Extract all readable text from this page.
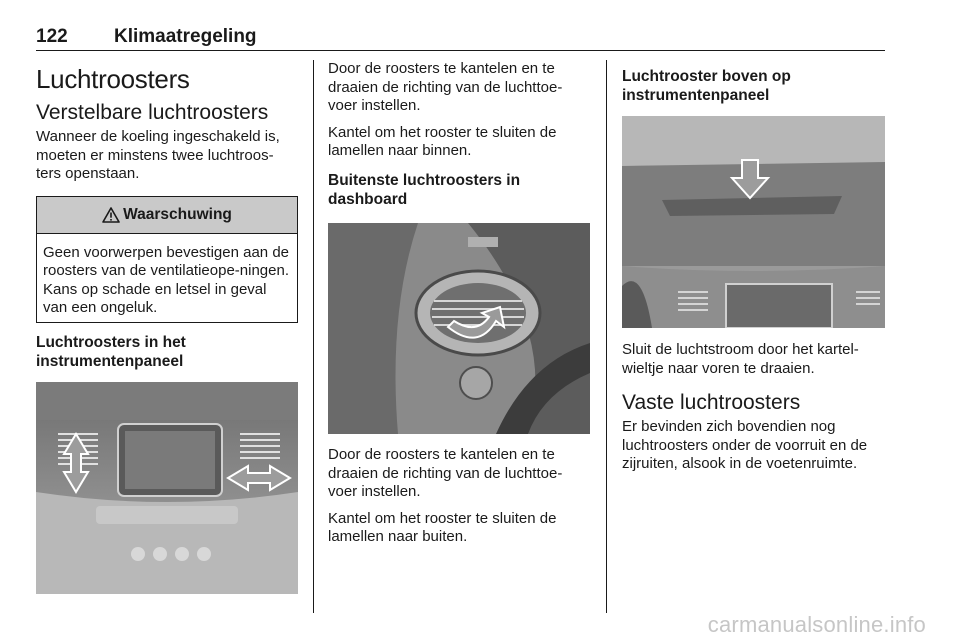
122 Klimaatregeling
Luchtroosters
Verstelbare luchtroosters

Wanneer de koeling ingeschakeld is, moeten er minstens twee luchtroos-ters openstaan.

Waarschuwing
Geen voorwerpen bevestigen aan de roosters van de ventilatieope-ningen. Kans op schade en letsel in geval van een ongeluk.
Luchtroosters in het instrumentenpaneel

Door de roosters te kantelen en te draaien de richting van de luchttoe-voer instellen.

Kantel om het rooster te sluiten de lamellen naar binnen.

Buitenste luchtroosters in dashboard

Door de roosters te kantelen en te draaien de richting van de luchttoe-voer instellen.

Kantel om het rooster te sluiten de lamellen naar buiten.

Luchtrooster boven op instrumentenpaneel

Sluit de luchtstroom door het kartel-wieltje naar voren te draaien.

Vaste luchtroosters

Er bevinden zich bovendien nog luchtroosters onder de voorruit en de zijruiten, alsook in de voetenruimte.

carmanualsonline.info
